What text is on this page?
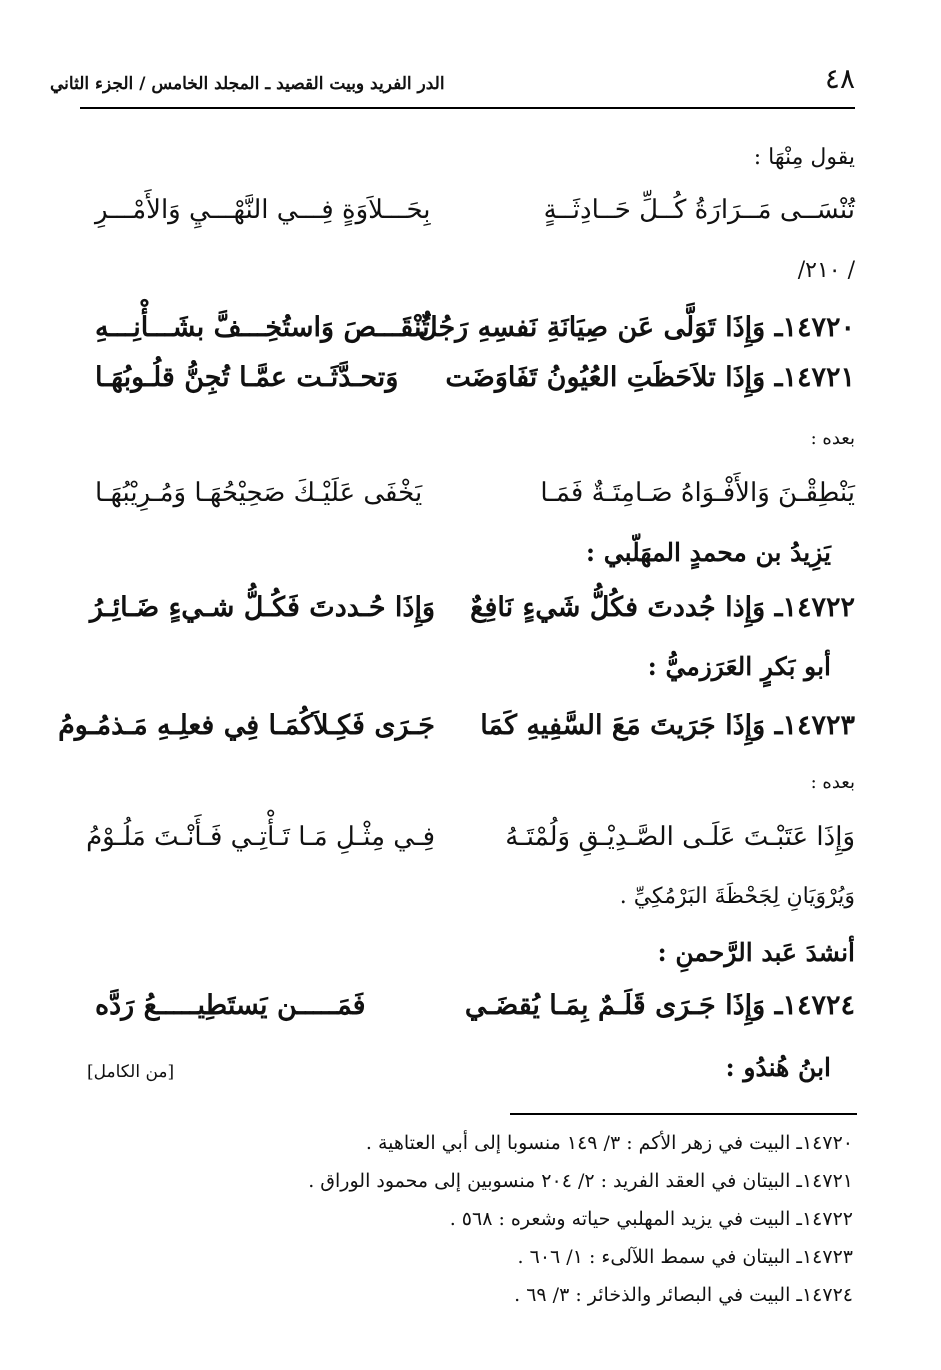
٤٨
الدر الفريد وبيت القصيد ـ المجلد الخامس / الجزء الثاني
يقول مِنْهَا :
تُنْسَــى مَــرَارَةُ كُــلِّ حَــادِثَــةٍ
بِحَـــلاَوَةٍ فِـــي النَّهْـــيِ وَالأَمْـــرِ
/ ٢١٠/
١٤٧٢٠ـ وَإِذَا تَوَلَّى عَن صِيَانَةِ نَفسِهِ رَجُلٌ
تُنْقَـــصَ وَاستُخِـــفَّ بشَـــأْنِـــهِ
١٤٧٢١ـ وَإِذَا تلاَحَظَتِ العُيُونُ تَفَاوَضَت
وَتحـدَّثَـت عمَّـا تُجِنُّ قلُـوبُهَـا
بعده :
يَنْطِقْـنَ وَالأَفْـوَاهُ صَـامِتَـةٌ فَمَـا
يَخْفَى عَلَيْـكَ صَحِيْحُهَـا وَمُـرِيْبُهَـا
يَزِيدُ بن محمدٍ المهَلّبي :
١٤٧٢٢ـ وَإِذا جُددتَ فكُلُّ شَيءٍ نَافِعٌ
وَإِذَا حُـددتَ فَكُـلُّ شـيءٍ ضَـائِـرُ
أبو بَكرٍ العَرَزميُّ :
١٤٧٢٣ـ وَإِذَا جَرَيتَ مَعَ السَّفِيهِ كَمَا
جَـرَى فَكِـلاَكُمَـا فِي فعلِـهِ مَـذمُـومُ
بعده :
وَإِذَا عَتَبْـتَ عَلَـى الصَّـدِيْـقِ وَلُمْتَـهُ
فِـي مِثْـلِ مَـا تَـأْتِـي فَـأَنْـتَ مَلُـوْمُ
وَيُرْوَيَانِ لِجَحْظَةَ البَرْمُكِيِّ .
أنشدَ عَبد الرَّحمنِ :
١٤٧٢٤ـ وَإِذَا جَـرَى قَلَـمٌ بِمَـا يُقضَـي
فَمَـــــن يَستَطِيـــــعُ رَدَّه
ابنُ هُندُو :
[من الكامل]
١٤٧٢٠ـ البيت في زهر الأكم : ٣/ ١٤٩ منسوبا إلى أبي العتاهية .
١٤٧٢١ـ البيتان في العقد الفريد : ٢/ ٢٠٤ منسوبين إلى محمود الوراق .
١٤٧٢٢ـ البيت في يزيد المهلبي حياته وشعره : ٥٦٨ .
١٤٧٢٣ـ البيتان في سمط اللآلىء : ١/ ٦٠٦ .
١٤٧٢٤ـ البيت في البصائر والذخائر : ٣/ ٦٩ .
